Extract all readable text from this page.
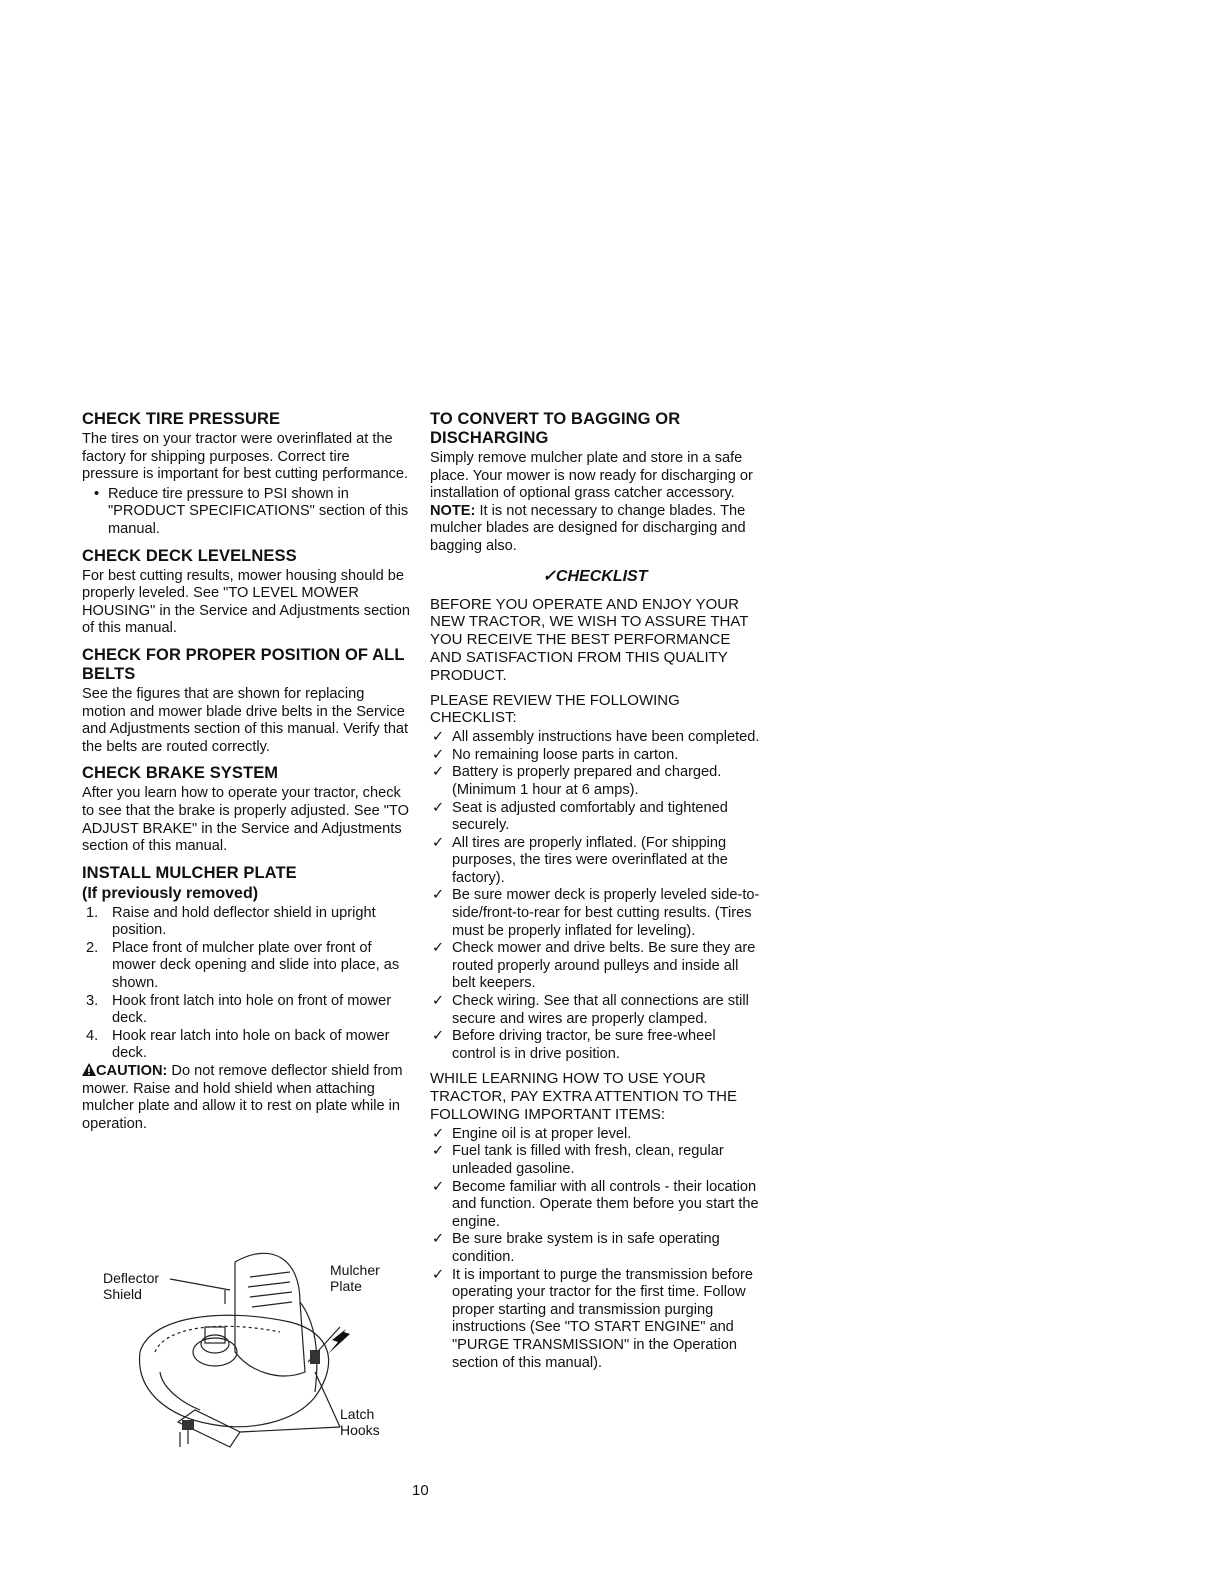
CHECK TIRE PRESSURE

The tires on your tractor were overinflated at the factory for shipping purposes. Correct tire pressure is important for best cutting performance.

• Reduce tire pressure to PSI shown in "PRODUCT SPECIFICATIONS" section of this manual.
CHECK DECK LEVELNESS

For best cutting results, mower housing should be properly leveled. See "TO LEVEL MOWER HOUSING" in the Service and Adjustments section of this manual.

CHECK FOR PROPER POSITION OF ALL BELTS

See the figures that are shown for replacing motion and mower blade drive belts in the Service and Adjustments section of this manual. Verify that the belts are routed correctly.

CHECK BRAKE SYSTEM

After you learn how to operate your tractor, check to see that the brake is properly adjusted. See "TO ADJUST BRAKE" in the Service and Adjustments section of this manual.

INSTALL MULCHER PLATE
(If previously removed)
1. Raise and hold deflector shield in upright position.
2. Place front of mulcher plate over front of mower deck opening and slide into place, as shown.
3. Hook front latch into hole on front of mower deck.
4. Hook rear latch into hole on back of mower deck.

CAUTION: Do not remove deflector shield from mower. Raise and hold shield when attaching mulcher plate and allow it to rest on plate while in operation.

Deflector Shield
Mulcher Plate
Latch Hooks
TO CONVERT TO BAGGING OR DISCHARGING

Simply remove mulcher plate and store in a safe place. Your mower is now ready for discharging or installation of optional grass catcher accessory.

NOTE: It is not necessary to change blades. The mulcher blades are designed for discharging and bagging also.

✓CHECKLIST
BEFORE YOU OPERATE AND ENJOY YOUR NEW TRACTOR, WE WISH TO ASSURE THAT YOU RECEIVE THE BEST PERFORMANCE AND SATISFACTION FROM THIS QUALITY PRODUCT.
PLEASE REVIEW THE FOLLOWING CHECKLIST:
✓ All assembly instructions have been completed.
✓ No remaining loose parts in carton.
✓ Battery is properly prepared and charged. (Minimum 1 hour at 6 amps).
✓ Seat is adjusted comfortably and tightened securely.
✓ All tires are properly inflated. (For shipping purposes, the tires were overinflated at the factory).
✓ Be sure mower deck is properly leveled side-to-side/front-to-rear for best cutting results. (Tires must be properly inflated for leveling).
✓ Check mower and drive belts. Be sure they are routed properly around pulleys and inside all belt keepers.
✓ Check wiring. See that all connections are still secure and wires are properly clamped.
✓ Before driving tractor, be sure free-wheel control is in drive position.
WHILE LEARNING HOW TO USE YOUR TRACTOR, PAY EXTRA ATTENTION TO THE FOLLOWING IMPORTANT ITEMS:
✓ Engine oil is at proper level.
✓ Fuel tank is filled with fresh, clean, regular unleaded gasoline.
✓ Become familiar with all controls - their location and function. Operate them before you start the engine.
✓ Be sure brake system is in safe operating condition.
✓ It is important to purge the transmission before operating your tractor for the first time. Follow proper starting and transmission purging instructions (See "TO START ENGINE" and "PURGE TRANSMISSION" in the Operation section of this manual).
10
